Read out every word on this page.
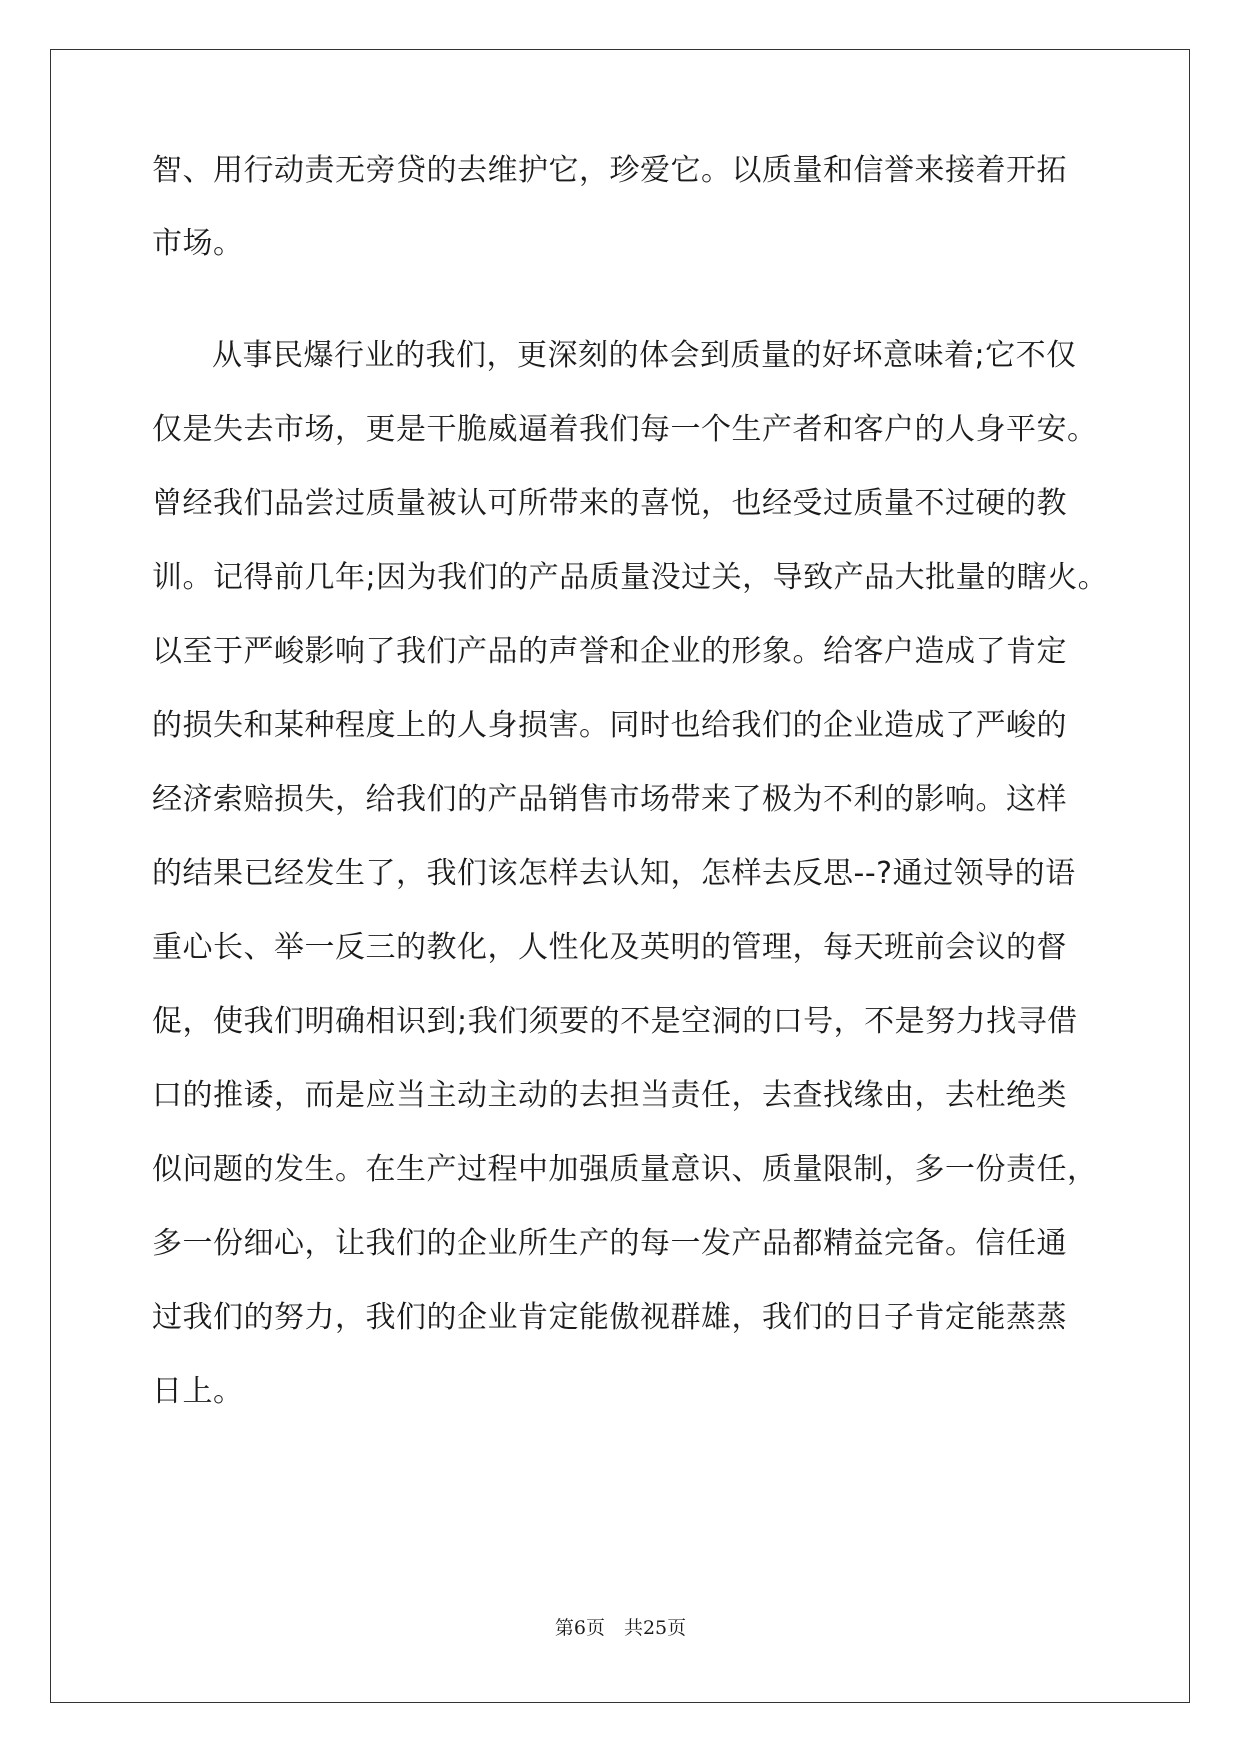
智、用行动责无旁贷的去维护它，珍爱它。以质量和信誉来接着开拓
市场。
从事民爆行业的我们，更深刻的体会到质量的好坏意味着;它不仅
仅是失去市场，更是干脆威逼着我们每一个生产者和客户的人身平安。
曾经我们品尝过质量被认可所带来的喜悦，也经受过质量不过硬的教
训。记得前几年;因为我们的产品质量没过关，导致产品大批量的瞎火。
以至于严峻影响了我们产品的声誉和企业的形象。给客户造成了肯定
的损失和某种程度上的人身损害。同时也给我们的企业造成了严峻的
经济索赔损失，给我们的产品销售市场带来了极为不利的影响。这样
的结果已经发生了，我们该怎样去认知，怎样去反思--?通过领导的语
重心长、举一反三的教化，人性化及英明的管理，每天班前会议的督
促，使我们明确相识到;我们须要的不是空洞的口号，不是努力找寻借
口的推诿，而是应当主动主动的去担当责任，去查找缘由，去杜绝类
似问题的发生。在生产过程中加强质量意识、质量限制，多一份责任，
多一份细心，让我们的企业所生产的每一发产品都精益完备。信任通
过我们的努力，我们的企业肯定能傲视群雄，我们的日子肯定能蒸蒸
日上。
第6页　共25页
